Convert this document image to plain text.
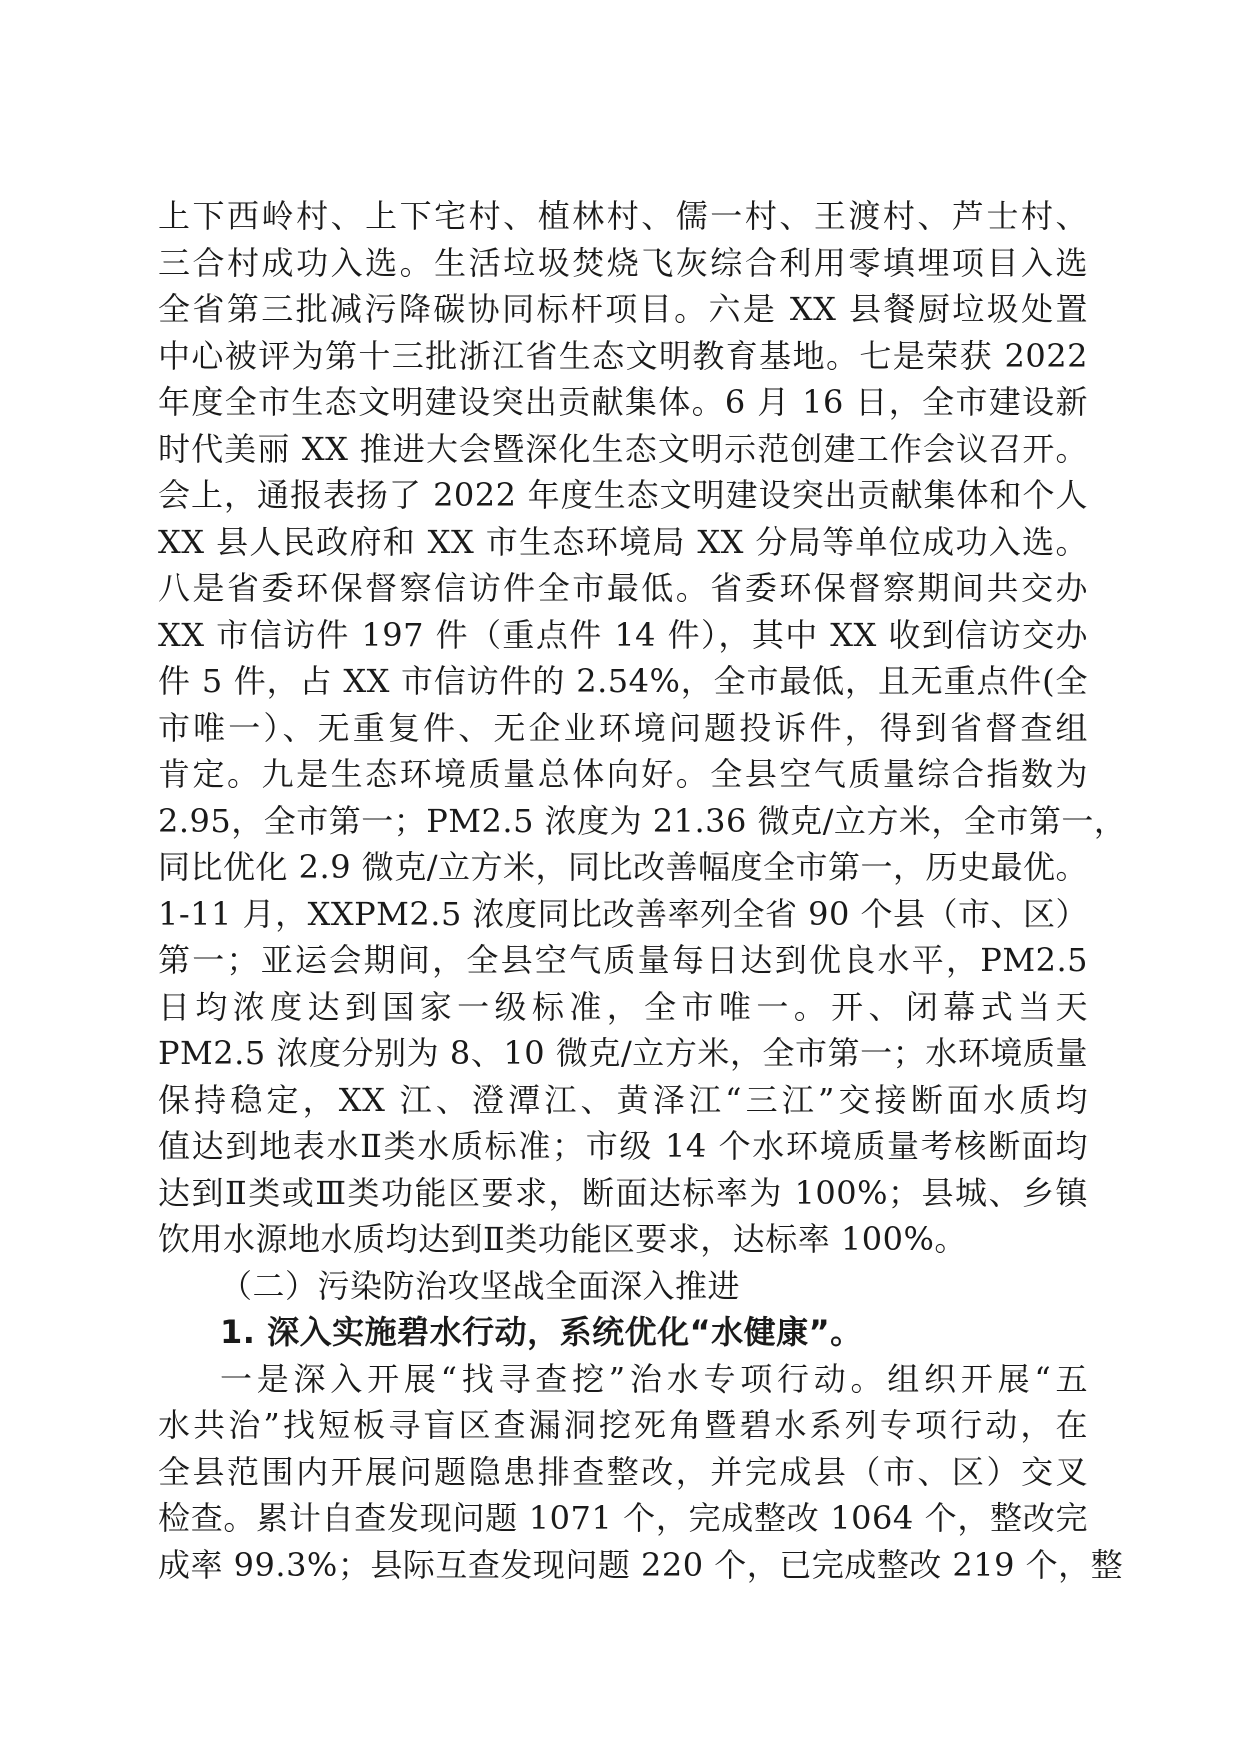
上下西岭村、上下宅村、植林村、儒一村、王渡村、芦士村、
三合村成功入选。生活垃圾焚烧飞灰综合利用零填埋项目入选
全省第三批减污降碳协同标杆项目。六是 XX 县餐厨垃圾处置
中心被评为第十三批浙江省生态文明教育基地。七是荣获 2022
年度全市生态文明建设突出贡献集体。6 月 16 日，全市建设新
时代美丽 XX 推进大会暨深化生态文明示范创建工作会议召开。
会上，通报表扬了 2022 年度生态文明建设突出贡献集体和个人
XX 县人民政府和 XX 市生态环境局 XX 分局等单位成功入选。
八是省委环保督察信访件全市最低。省委环保督察期间共交办
XX 市信访件 197 件（重点件 14 件），其中 XX 收到信访交办
件 5 件，占 XX 市信访件的 2.54%，全市最低，且无重点件(全
市唯一）、无重复件、无企业环境问题投诉件，得到省督查组
肯定。九是生态环境质量总体向好。全县空气质量综合指数为
2.95，全市第一；PM2.5 浓度为 21.36 微克/立方米，全市第一，
同比优化 2.9 微克/立方米，同比改善幅度全市第一，历史最优。
1-11 月，XXPM2.5 浓度同比改善率列全省 90 个县（市、区）
第一；亚运会期间，全县空气质量每日达到优良水平，PM2.5
日均浓度达到国家一级标准，全市唯一。开、闭幕式当天
PM2.5 浓度分别为 8、10 微克/立方米，全市第一；水环境质量
保持稳定，XX 江、澄潭江、黄泽江“三江”交接断面水质均
值达到地表水Ⅱ类水质标准；市级 14 个水环境质量考核断面均
达到Ⅱ类或Ⅲ类功能区要求，断面达标率为 100%；县城、乡镇
饮用水源地水质均达到Ⅱ类功能区要求，达标率 100%。
（二）污染防治攻坚战全面深入推进
1. 深入实施碧水行动，系统优化“水健康”。
一是深入开展“找寻查挖”治水专项行动。组织开展“五
水共治”找短板寻盲区查漏洞挖死角暨碧水系列专项行动，在
全县范围内开展问题隐患排查整改，并完成县（市、区）交叉
检查。累计自查发现问题 1071 个，完成整改 1064 个，整改完
成率 99.3%；县际互查发现问题 220 个，已完成整改 219 个，整
